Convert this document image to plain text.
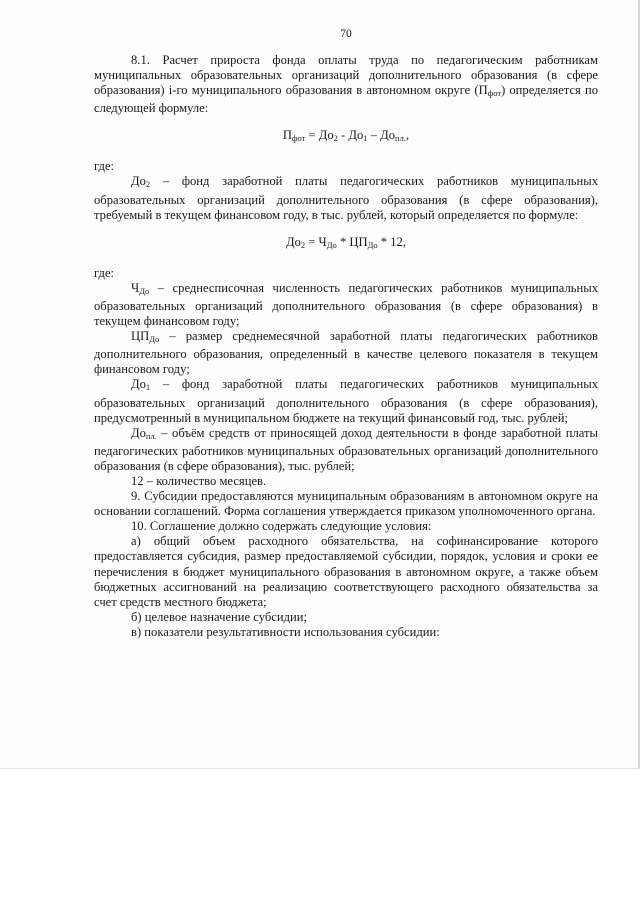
70

8.1. Расчет прироста фонда оплаты труда по педагогическим работникам муниципальных образовательных организаций дополнительного образования (в сфере образования) i-го муниципального образования в автономном округе $(П_{фот})$ определяется по следующей формуле:

$П_{фот} = До_2 - До_1 - До_{пл.}$,

где:

$До_2$ – фонд заработной платы педагогических работников муниципальных образовательных организаций дополнительного образования (в сфере образования), требуемый в текущем финансовом году, в тыс. рублей, который определяется по формуле:

$До_2 = Ч_{До} * ЦП_{До} * 12$,

где:

$Ч_{До}$ – среднесписочная численность педагогических работников муниципальных образовательных организаций дополнительного образования (в сфере образования) в текущем финансовом году;

$ЦП_{До}$ – размер среднемесячной заработной платы педагогических работников дополнительного образования, определенный в качестве целевого показателя в текущем финансовом году;

$До_1$ – фонд заработной платы педагогических работников муниципальных образовательных организаций дополнительного образования (в сфере образования), предусмотренный в муниципальном бюджете на текущий финансовый год, тыс. рублей;

$До_{пл.}$ – объём средств от приносящей доход деятельности в фонде заработной платы педагогических работников муниципальных образовательных организаций дополнительного образования (в сфере образования), тыс. рублей;

12 – количество месяцев.

9. Субсидии предоставляются муниципальным образованиям в автономном округе на основании соглашений. Форма соглашения утверждается приказом уполномоченного органа.

10. Соглашение должно содержать следующие условия:

а) общий объем расходного обязательства, на софинансирование которого предоставляется субсидия, размер предоставляемой субсидии, порядок, условия и сроки ее перечисления в бюджет муниципального образования в автономном округе, а также объем бюджетных ассигнований на реализацию соответствующего расходного обязательства за счет средств местного бюджета;

б) целевое назначение субсидии;

в) показатели результативности использования субсидии:
